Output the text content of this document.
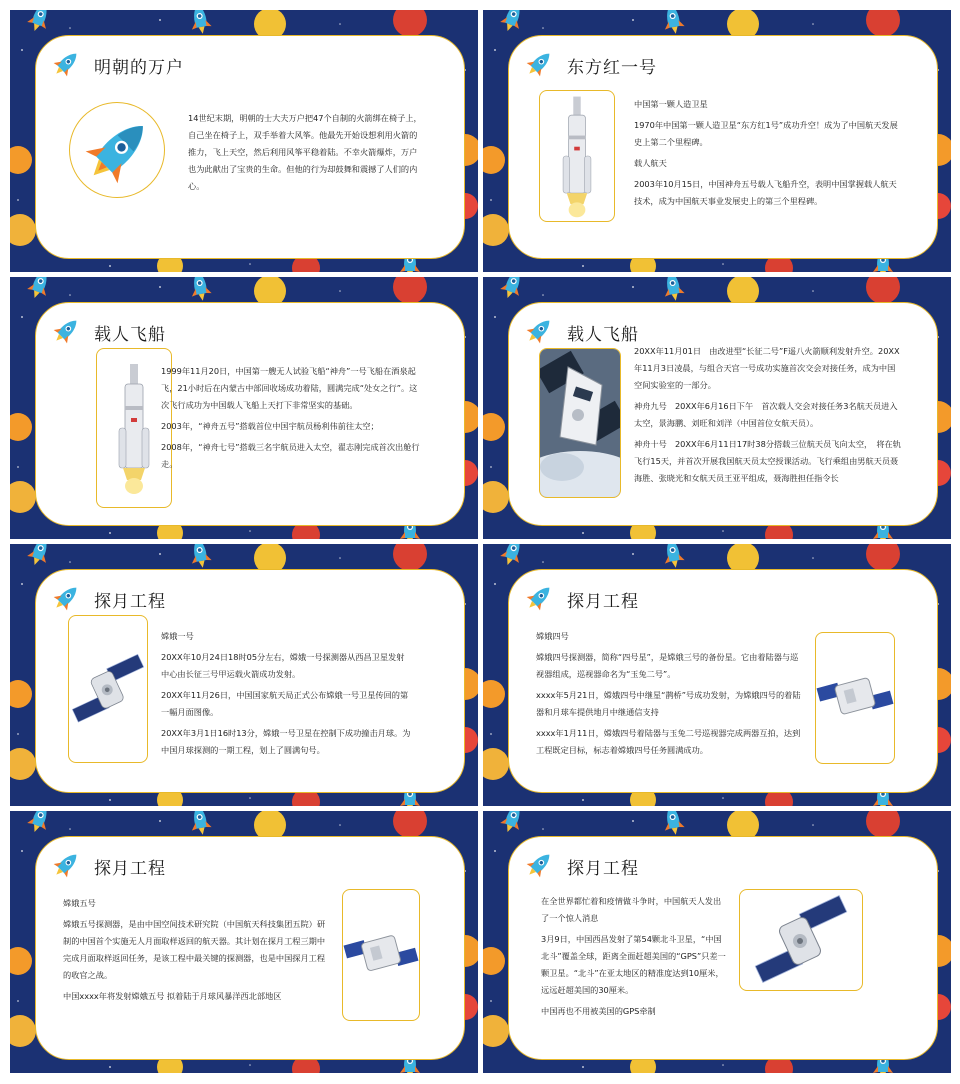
明朝的万户

14世纪末期，明朝的士大夫万户把47个自制的火箭绑在椅子上，自己坐在椅子上，双手举着大风筝。他最先开始设想利用火箭的推力，飞上天空，然后利用风筝平稳着陆。不幸火箭爆炸，万户也为此献出了宝贵的生命。但他的行为却鼓舞和震撼了人们的内心。

东方红一号

中国第一颗人造卫星

1970年中国第一颗人造卫星“东方红1号”成功升空！成为了中国航天发展史上第二个里程碑。

载人航天

2003年10月15日，中国神舟五号载人飞船升空，表明中国掌握载人航天技术，成为中国航天事业发展史上的第三个里程碑。

载人飞船

1999年11月20日，中国第一艘无人试验飞船“神舟”一号飞船在酒泉起飞，21小时后在内蒙古中部回收场成功着陆，圆满完成“处女之行”。这次飞行成功为中国载人飞船上天打下非常坚实的基础。

2003年，“神舟五号”搭载首位中国宇航员杨利伟前往太空；

2008年，“神舟七号”搭载三名宇航员进入太空，翟志刚完成首次出舱行走。

载人飞船

20XX年11月01日　由改进型“长征二号”F遥八火箭顺利发射升空。20XX年11月3日凌晨，与组合天宫一号成功实施首次交会对接任务，成为中国空间实验室的一部分。

神舟九号　20XX年6月16日下午　首次载人交会对接任务3名航天员进入太空，景海鹏、刘旺和刘洋（中国首位女航天员）。

神舟十号　20XX年6月11日17时38分搭载三位航天员飞向太空，　将在轨飞行15天，并首次开展我国航天员太空授课活动。飞行乘组由男航天员聂海胜、张晓光和女航天员王亚平组成，聂海胜担任指令长

探月工程

嫦娥一号

20XX年10月24日18时05分左右，嫦娥一号探测器从西昌卫星发射中心由长征三号甲运载火箭成功发射。

20XX年11月26日，中国国家航天局正式公布嫦娥一号卫星传回的第一幅月面图像。

20XX年3月1日16时13分，嫦娥一号卫星在控制下成功撞击月球。为中国月球探测的一期工程，划上了圆满句号。

探月工程

嫦娥四号

嫦娥四号探测器，简称“四号星”，是嫦娥三号的备份星。它由着陆器与巡视器组成，巡视器命名为“玉兔二号”。

xxxx年5月21日，嫦娥四号中继星“鹊桥”号成功发射，为嫦娥四号的着陆器和月球车提供地月中继通信支持

xxxx年1月11日，嫦娥四号着陆器与玉兔二号巡视器完成两器互拍，达到工程既定目标，标志着嫦娥四号任务圆满成功。

探月工程

嫦娥五号

嫦娥五号探测器，是由中国空间技术研究院（中国航天科技集团五院）研制的中国首个实施无人月面取样返回的航天器。其计划在探月工程三期中完成月面取样返回任务，是该工程中最关键的探测器，也是中国探月工程的收官之战。

中国xxxx年将发射嫦娥五号 拟着陆于月球风暴洋西北部地区

探月工程

在全世界都忙着和疫情做斗争时，中国航天人发出了一个惊人消息

3月9日，中国西昌发射了第54颗北斗卫星，“中国北斗”覆盖全球，距离全面赶超美国的“GPS”只差一颗卫星。“北斗”在亚太地区的精准度达到10厘米，远远赶超美国的30厘米。

中国再也不用被美国的GPS牵制
